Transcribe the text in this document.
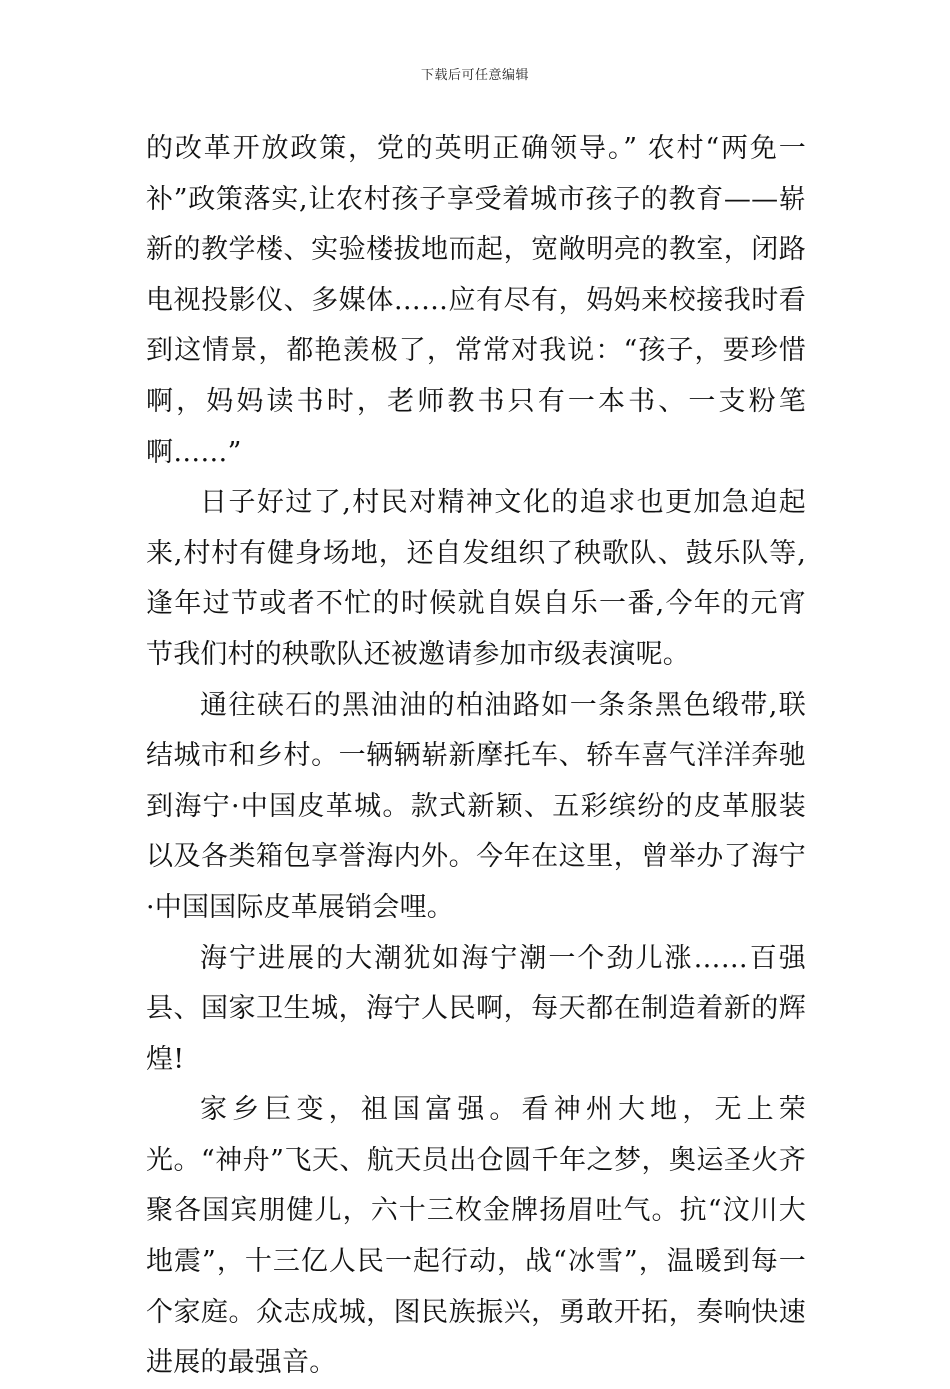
下载后可任意编辑

的改革开放政策，党的英明正确领导。” 农村“两免一补”政策落实,让农村孩子享受着城市孩子的教育——崭新的教学楼、实验楼拔地而起，宽敞明亮的教室，闭路电视投影仪、多媒体……应有尽有，妈妈来校接我时看到这情景，都艳羡极了，常常对我说：“孩子，要珍惜啊，妈妈读书时，老师教书只有一本书、一支粉笔啊……”

日子好过了,村民对精神文化的追求也更加急迫起来,村村有健身场地，还自发组织了秧歌队、鼓乐队等,逢年过节或者不忙的时候就自娱自乐一番,今年的元宵节我们村的秧歌队还被邀请参加市级表演呢。

通往硖石的黑油油的柏油路如一条条黑色缎带,联结城市和乡村。一辆辆崭新摩托车、轿车喜气洋洋奔驰到海宁·中国皮革城。款式新颖、五彩缤纷的皮革服装以及各类箱包享誉海内外。今年在这里，曾举办了海宁·中国国际皮革展销会哩。

海宁进展的大潮犹如海宁潮一个劲儿涨……百强县、国家卫生城，海宁人民啊，每天都在制造着新的辉煌!

家乡巨变，祖国富强。看神州大地，无上荣光。“神舟”飞天、航天员出仓圆千年之梦，奥运圣火齐聚各国宾朋健儿，六十三枚金牌扬眉吐气。抗“汶川大地震”，十三亿人民一起行动，战“冰雪”，温暖到每一个家庭。众志成城，图民族振兴，勇敢开拓，奏响快速进展的最强音。
